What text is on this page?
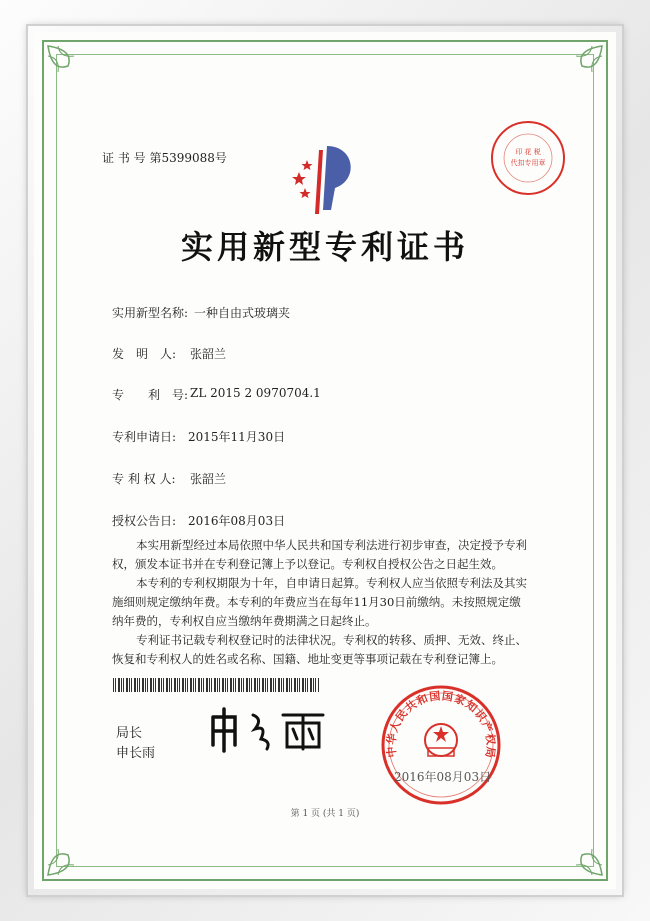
证 书 号 第5399088号	印 花 税
代扣专用章
实用新型专利证书
实用新型名称: 一种自由式玻璃夹
发　明　人: 张韶兰
专　　利　号: ZL 2015 2 0970704.1
专利申请日: 2015年11月30日
专 利 权 人: 张韶兰
授权公告日: 2016年08月03日
本实用新型经过本局依照中华人民共和国专利法进行初步审查，决定授予专利权，颁发本证书并在专利登记簿上予以登记。专利权自授权公告之日起生效。
本专利的专利权期限为十年，自申请日起算。专利权人应当依照专利法及其实施细则规定缴纳年费。本专利的年费应当在每年11月30日前缴纳。未按照规定缴纳年费的，专利权自应当缴纳年费期满之日起终止。
专利证书记载专利权登记时的法律状况。专利权的转移、质押、无效、终止、恢复和专利权人的姓名或名称、国籍、地址变更等事项记载在专利登记簿上。
局长
申长雨	中华人民共和国国家知识产权局
2016年08月03日
第 1 页 (共 1 页)
